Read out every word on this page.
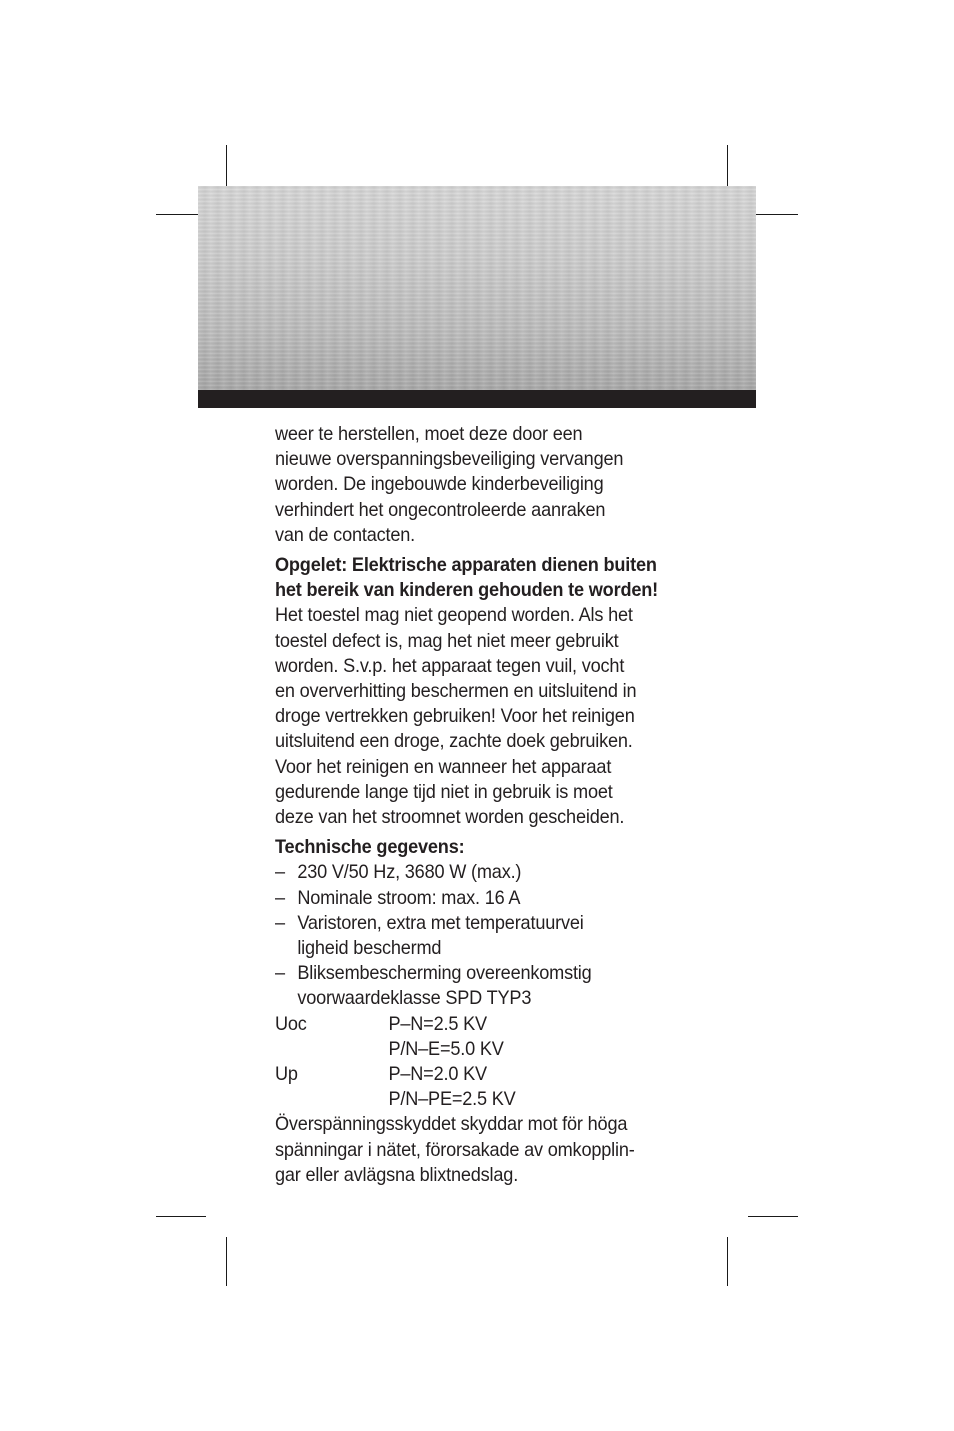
weer te herstellen, moet deze door een
nieuwe overspanningsbeveiliging vervangen
worden. De ingebouwde kinderbeveiliging
verhindert het ongecontroleerde aanraken
van de contacten.

Opgelet: Elektrische apparaten dienen buiten
het bereik van kinderen gehouden te worden!
Het toestel mag niet geopend worden. Als het
toestel defect is, mag het niet meer gebruikt
worden. S.v.p. het apparaat tegen vuil, vocht
en oververhitting beschermen en uitsluitend in
droge vertrekken gebruiken! Voor het reinigen
uitsluitend een droge, zachte doek gebruiken.
Voor het reinigen en wanneer het apparaat
gedurende lange tijd niet in gebruik is moet
deze van het stroomnet worden gescheiden.

Technische gegevens:
– 230 V/50 Hz, 3680 W (max.)
– Nominale stroom: max. 16 A
– Varistoren, extra met temperatuurvei
ligheid beschermd
– Bliksembescherming overeenkomstig
voorwaardeklasse SPD TYP3
Uoc	P–N=2.5 KV
P/N–E=5.0 KV
Up	P–N=2.0 KV
P/N–PE=2.5 KV
Överspänningsskyddet skyddar mot för höga
spänningar i nätet, förorsakade av omkopplin-
gar eller avlägsna blixtnedslag.
